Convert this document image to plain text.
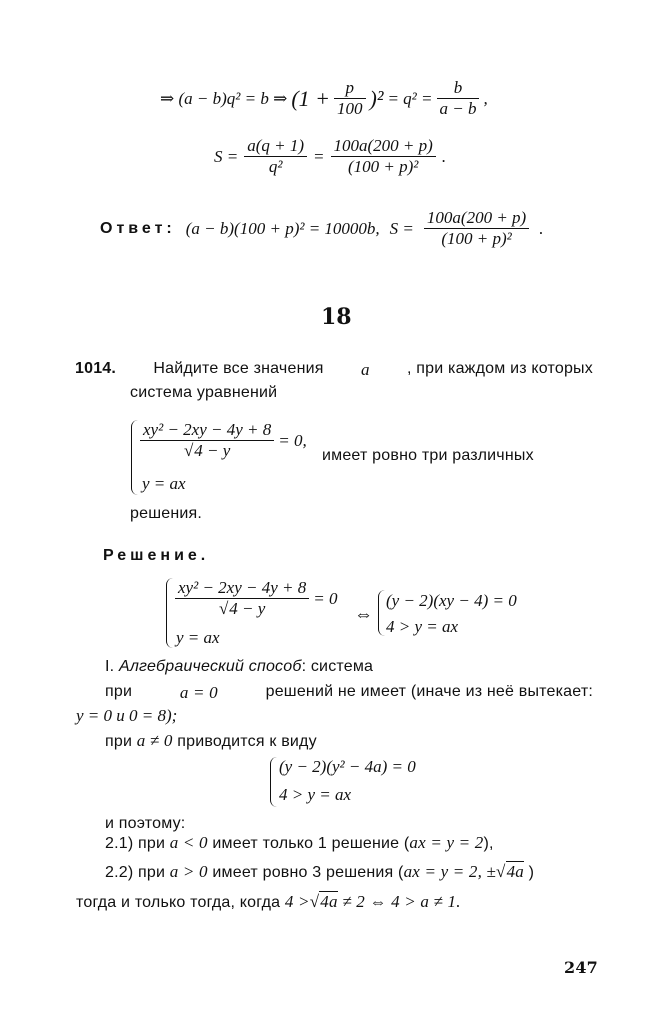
⇒ (a − b)q² = b ⇒ $(1 + \frac{p}{100} )^2 = q^2 = \frac{b}{a - b}$ ,
$S = \frac{a(q + 1)}{\text{q²}} = \frac{100a(200 + p)}{\text{(100 + p)²}}$ .
Ответ: (a − b)(100 + p)² = 10000b, $S = \frac{100a(200 + p)}{\text{(100 + p)²}}$ .
18
1014. Найдите все значения a , при каждом из которых
система уравнений
$\frac{\text{xy² − 2xy − 4y + 8}}{√4 - y} = 0$,
имеет ровно три различных
y = ax
решения.
Решение.
$\frac{\text{xy² − 2xy − 4y + 8}}{√4 - y} = 0$
y = ax
⇔
(y − 2)(xy − 4) = 0
4 > y = ax
I. Алгебраический способ: система
при	a = 0	решений не имеет (иначе из неё вытекает:
y = 0 и 0 = 8);
при a ≠ 0 приводится к виду
(y − 2)(y² − 4a) = 0
4 > y = ax
и поэтому:
2.1) при a < 0 имеет только 1 решение (ax = y = 2),
2.2) при a > 0 имеет ровно 3 решения (ax = y = 2, ±√4a )
тогда и только тогда, когда 4 >√4a ≠ 2 ⇔ 4 > a ≠ 1.
247
